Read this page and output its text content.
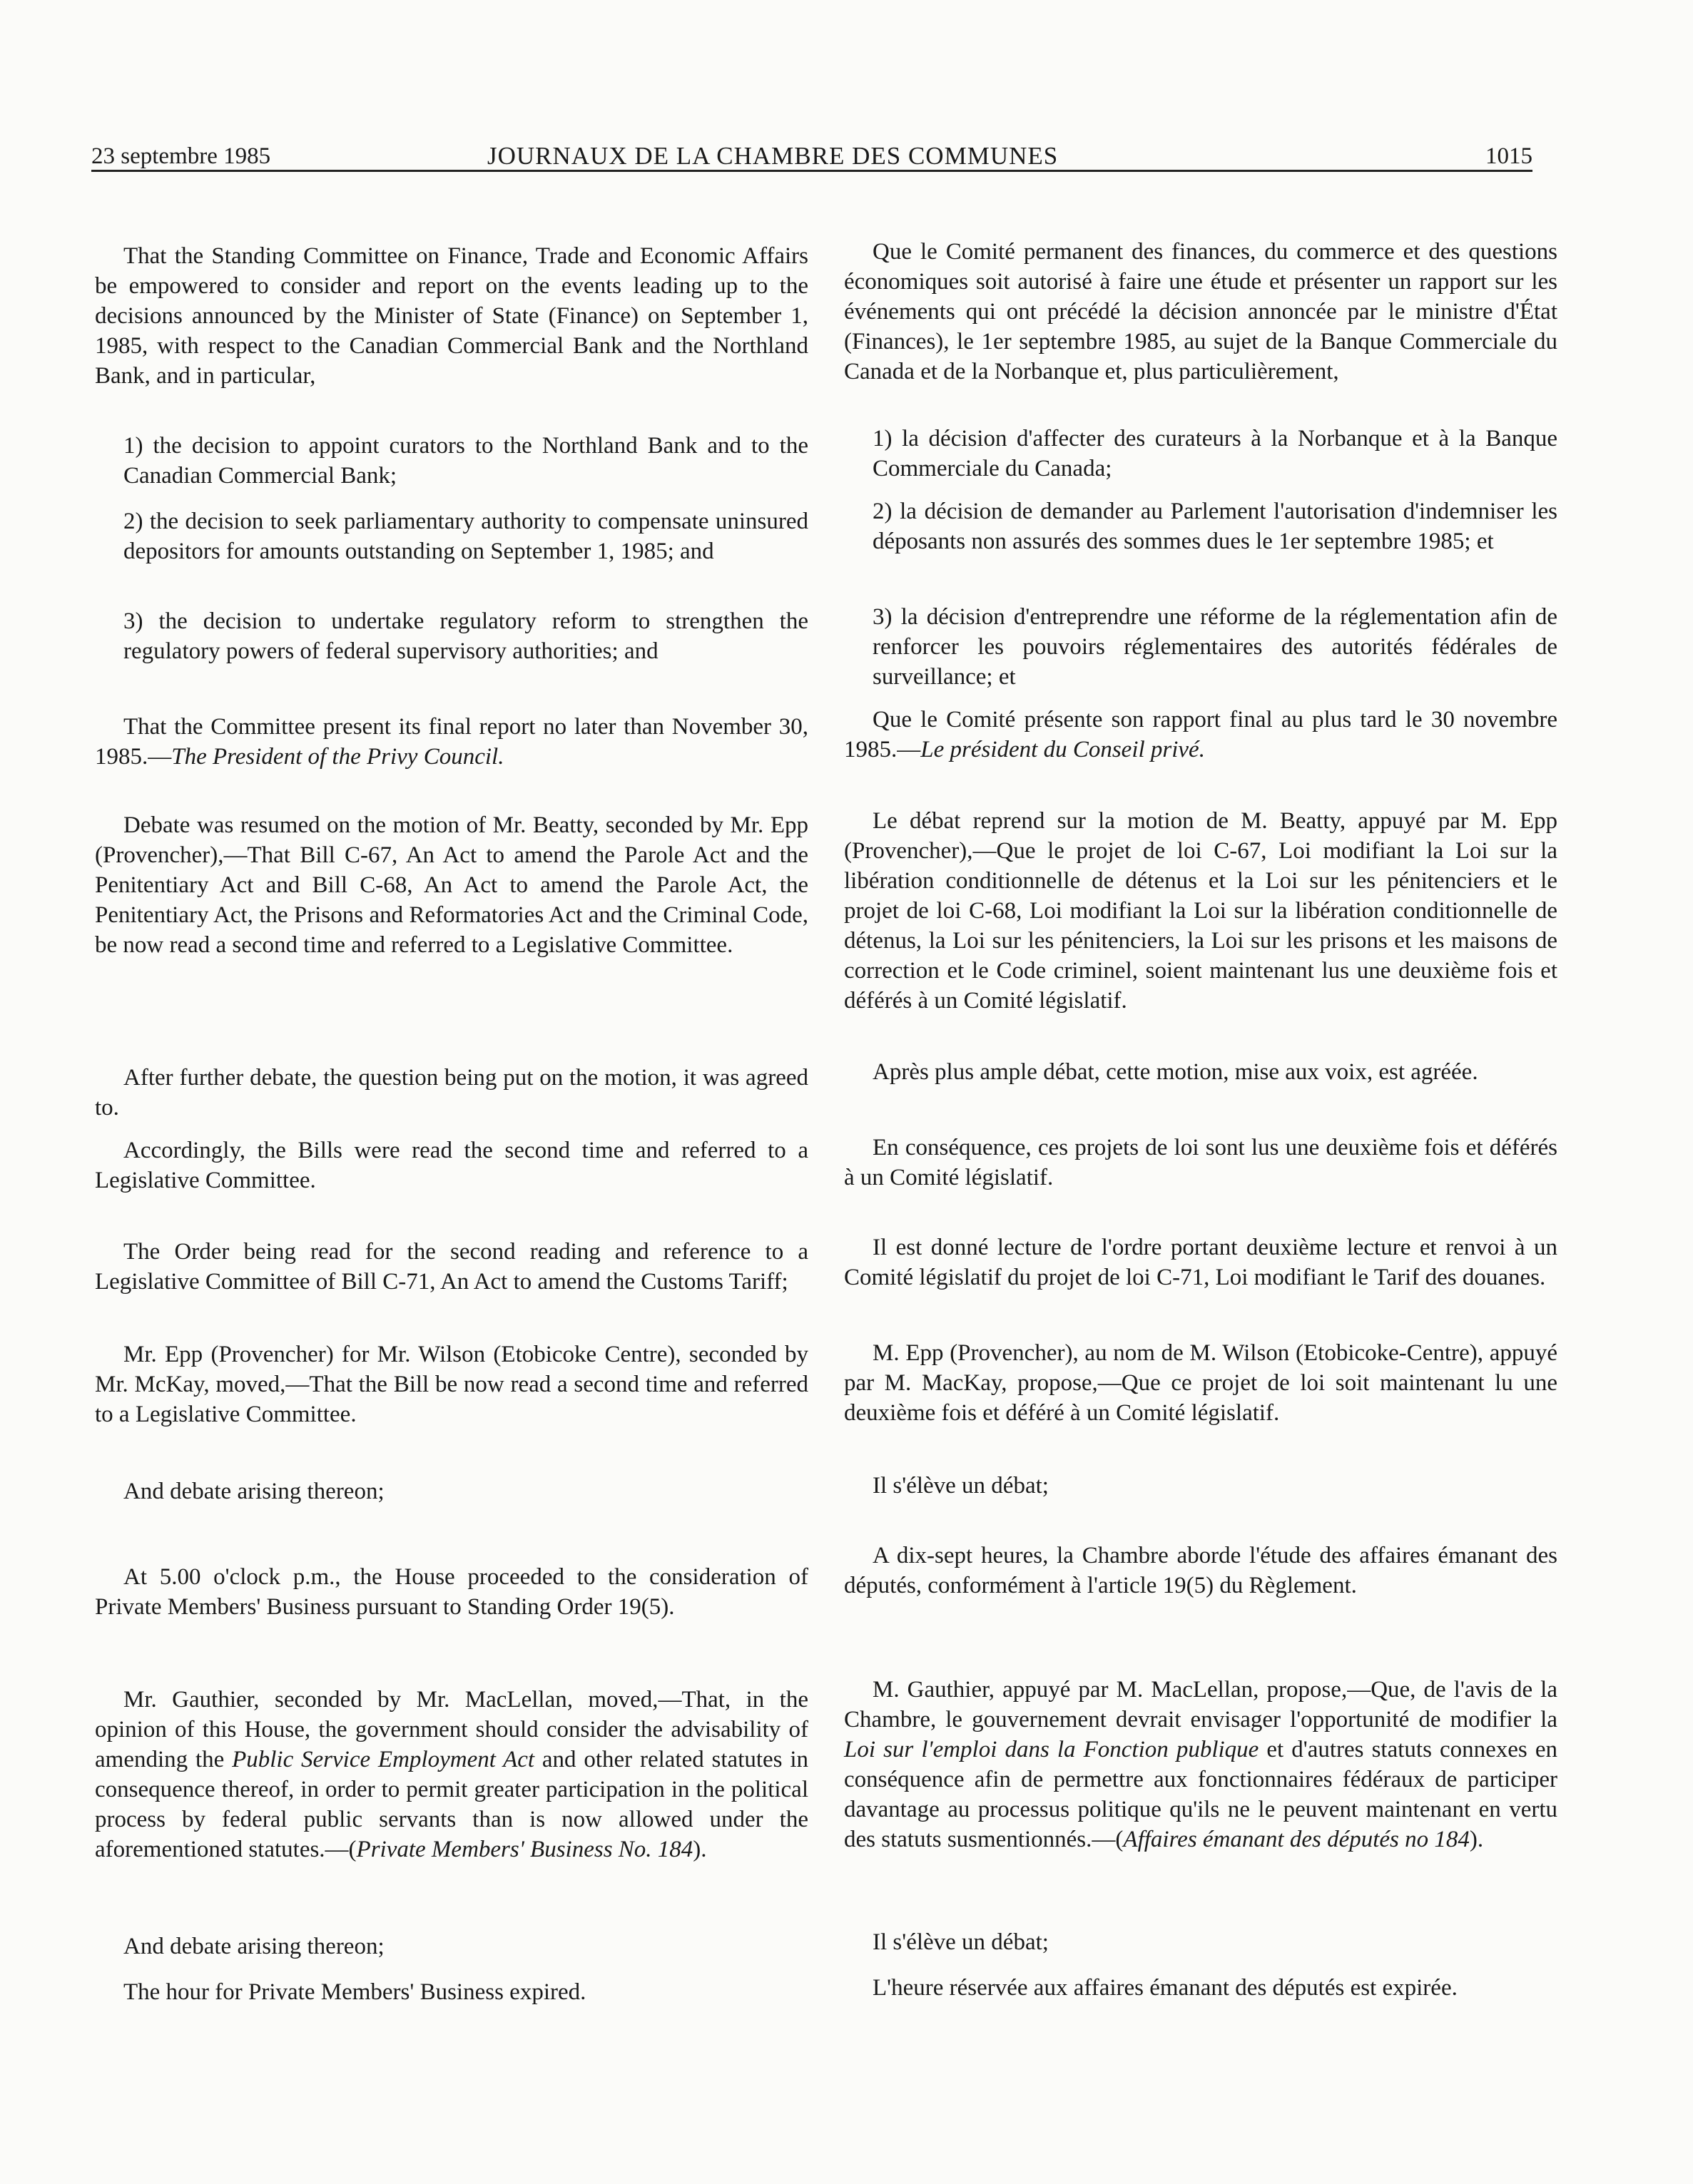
23 septembre 1985	JOURNAUX DE LA CHAMBRE DES COMMUNES	1015

That the Standing Committee on Finance, Trade and Economic Affairs be empowered to consider and report on the events leading up to the decisions announced by the Minister of State (Finance) on September 1, 1985, with respect to the Canadian Commercial Bank and the Northland Bank, and in particular,

1) the decision to appoint curators to the Northland Bank and to the Canadian Commercial Bank;

2) the decision to seek parliamentary authority to compensate uninsured depositors for amounts outstanding on September 1, 1985; and

3) the decision to undertake regulatory reform to strengthen the regulatory powers of federal supervisory authorities; and

That the Committee present its final report no later than November 30, 1985.—The President of the Privy Council.

Debate was resumed on the motion of Mr. Beatty, seconded by Mr. Epp (Provencher),—That Bill C-67, An Act to amend the Parole Act and the Penitentiary Act and Bill C-68, An Act to amend the Parole Act, the Penitentiary Act, the Prisons and Reformatories Act and the Criminal Code, be now read a second time and referred to a Legislative Committee.

After further debate, the question being put on the motion, it was agreed to.

Accordingly, the Bills were read the second time and referred to a Legislative Committee.

The Order being read for the second reading and reference to a Legislative Committee of Bill C-71, An Act to amend the Customs Tariff;

Mr. Epp (Provencher) for Mr. Wilson (Etobicoke Centre), seconded by Mr. McKay, moved,—That the Bill be now read a second time and referred to a Legislative Committee.

And debate arising thereon;

At 5.00 o'clock p.m., the House proceeded to the consideration of Private Members' Business pursuant to Standing Order 19(5).

Mr. Gauthier, seconded by Mr. MacLellan, moved,—That, in the opinion of this House, the government should consider the advisability of amending the Public Service Employment Act and other related statutes in consequence thereof, in order to permit greater participation in the political process by federal public servants than is now allowed under the aforementioned statutes.—(Private Members' Business No. 184).

And debate arising thereon;

The hour for Private Members' Business expired.

Que le Comité permanent des finances, du commerce et des questions économiques soit autorisé à faire une étude et présenter un rapport sur les événements qui ont précédé la décision annoncée par le ministre d'État (Finances), le 1er septembre 1985, au sujet de la Banque Commerciale du Canada et de la Norbanque et, plus particulièrement,

1) la décision d'affecter des curateurs à la Norbanque et à la Banque Commerciale du Canada;

2) la décision de demander au Parlement l'autorisation d'indemniser les déposants non assurés des sommes dues le 1er septembre 1985; et

3) la décision d'entreprendre une réforme de la réglementation afin de renforcer les pouvoirs réglementaires des autorités fédérales de surveillance; et

Que le Comité présente son rapport final au plus tard le 30 novembre 1985.—Le président du Conseil privé.

Le débat reprend sur la motion de M. Beatty, appuyé par M. Epp (Provencher),—Que le projet de loi C-67, Loi modifiant la Loi sur la libération conditionnelle de détenus et la Loi sur les pénitenciers et le projet de loi C-68, Loi modifiant la Loi sur la libération conditionnelle de détenus, la Loi sur les pénitenciers, la Loi sur les prisons et les maisons de correction et le Code criminel, soient maintenant lus une deuxième fois et déférés à un Comité législatif.

Après plus ample débat, cette motion, mise aux voix, est agréée.

En conséquence, ces projets de loi sont lus une deuxième fois et déférés à un Comité législatif.

Il est donné lecture de l'ordre portant deuxième lecture et renvoi à un Comité législatif du projet de loi C-71, Loi modifiant le Tarif des douanes.

M. Epp (Provencher), au nom de M. Wilson (Etobicoke-Centre), appuyé par M. MacKay, propose,—Que ce projet de loi soit maintenant lu une deuxième fois et déféré à un Comité législatif.

Il s'élève un débat;

A dix-sept heures, la Chambre aborde l'étude des affaires émanant des députés, conformément à l'article 19(5) du Règlement.

M. Gauthier, appuyé par M. MacLellan, propose,—Que, de l'avis de la Chambre, le gouvernement devrait envisager l'opportunité de modifier la Loi sur l'emploi dans la Fonction publique et d'autres statuts connexes en conséquence afin de permettre aux fonctionnaires fédéraux de participer davantage au processus politique qu'ils ne le peuvent maintenant en vertu des statuts susmentionnés.—(Affaires émanant des députés no 184).

Il s'élève un débat;

L'heure réservée aux affaires émanant des députés est expirée.
